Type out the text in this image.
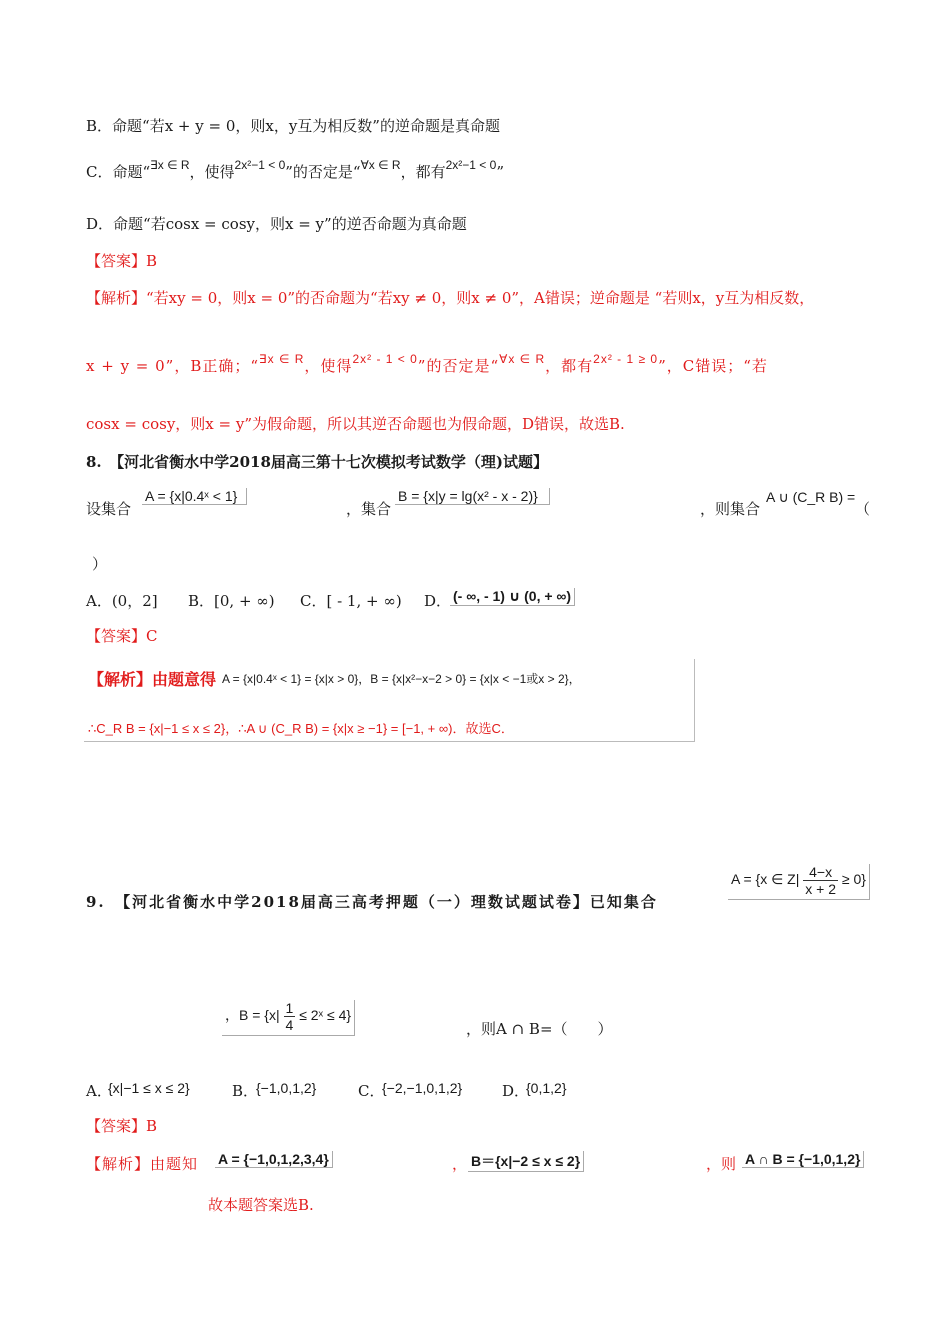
B．命题“若x + y = 0，则x，y互为相反数”的逆命题是真命题
C．命题“$^{\exists x \in R}$，使得$^{2x^2-1 < 0}$”的否定是“$^{\forall x \in R}$，都有$^{2x^2-1 < 0}$”
D．命题“若cosx = cosy，则x = y”的逆否命题为真命题
【答案】B
【解析】“若xy = 0，则x = 0”的否命题为“若xy ≠ 0，则x ≠ 0”，A错误；逆命题是 “若则x，y互为相反数，
x + y = 0”，B正确；“$^{\exists x \in R}$，使得$^{2x^2 - 1 < 0}$”的否定是“$^{\forall x \in R}$，都有$^{2x^2 - 1 \ge 0}$”，C错误；“若
cosx = cosy，则x = y”为假命题，所以其逆否命题也为假命题，D错误，故选B.
8.　【河北省衡水中学2018届高三第十七次模拟考试数学（理)试题】
设集合
A = {x|0.4ˣ < 1}
，集合
B = {x|y = lg(x² - x - 2)}
，则集合
A ∪ (C_R B) =
（
）
A．(0，2] B．[0, + ∞) C．[ - 1, + ∞) D． (- ∞, - 1) ∪ (0, + ∞)
【答案】C
【解析】由题意得 A = {x|0.4ˣ < 1} = {x|x > 0}，B = {x|x²−x−2 > 0} = {x|x < −1或x > 2}，
∴C_R B = {x|−1 ≤ x ≤ 2}，∴A ∪ (C_R B) = {x|x ≥ −1} = [−1, + ∞)．故选C．
9.　【河北省衡水中学2018届高三高考押题（一）理数试题试卷】已知集合
A = {x ∈ $Z| \frac{4-x}{x + 2} \ge 0$}
，$B = \{x| \frac{1}{4}$ ≤ 2ˣ ≤ 4}
，则A ∩ B=（　　）
A．
{x|−1 ≤ x ≤ 2}	B．
{−1,0,1,2}	C．
{−2,−1,0,1,2}	D．
{0,1,2}
【答案】B
【解析】由题知 A = {−1,0,1,2,3,4}	， B＝{x|−2 ≤ x ≤ 2}	，则 A ∩ B = {−1,0,1,2}
故本题答案选B.
